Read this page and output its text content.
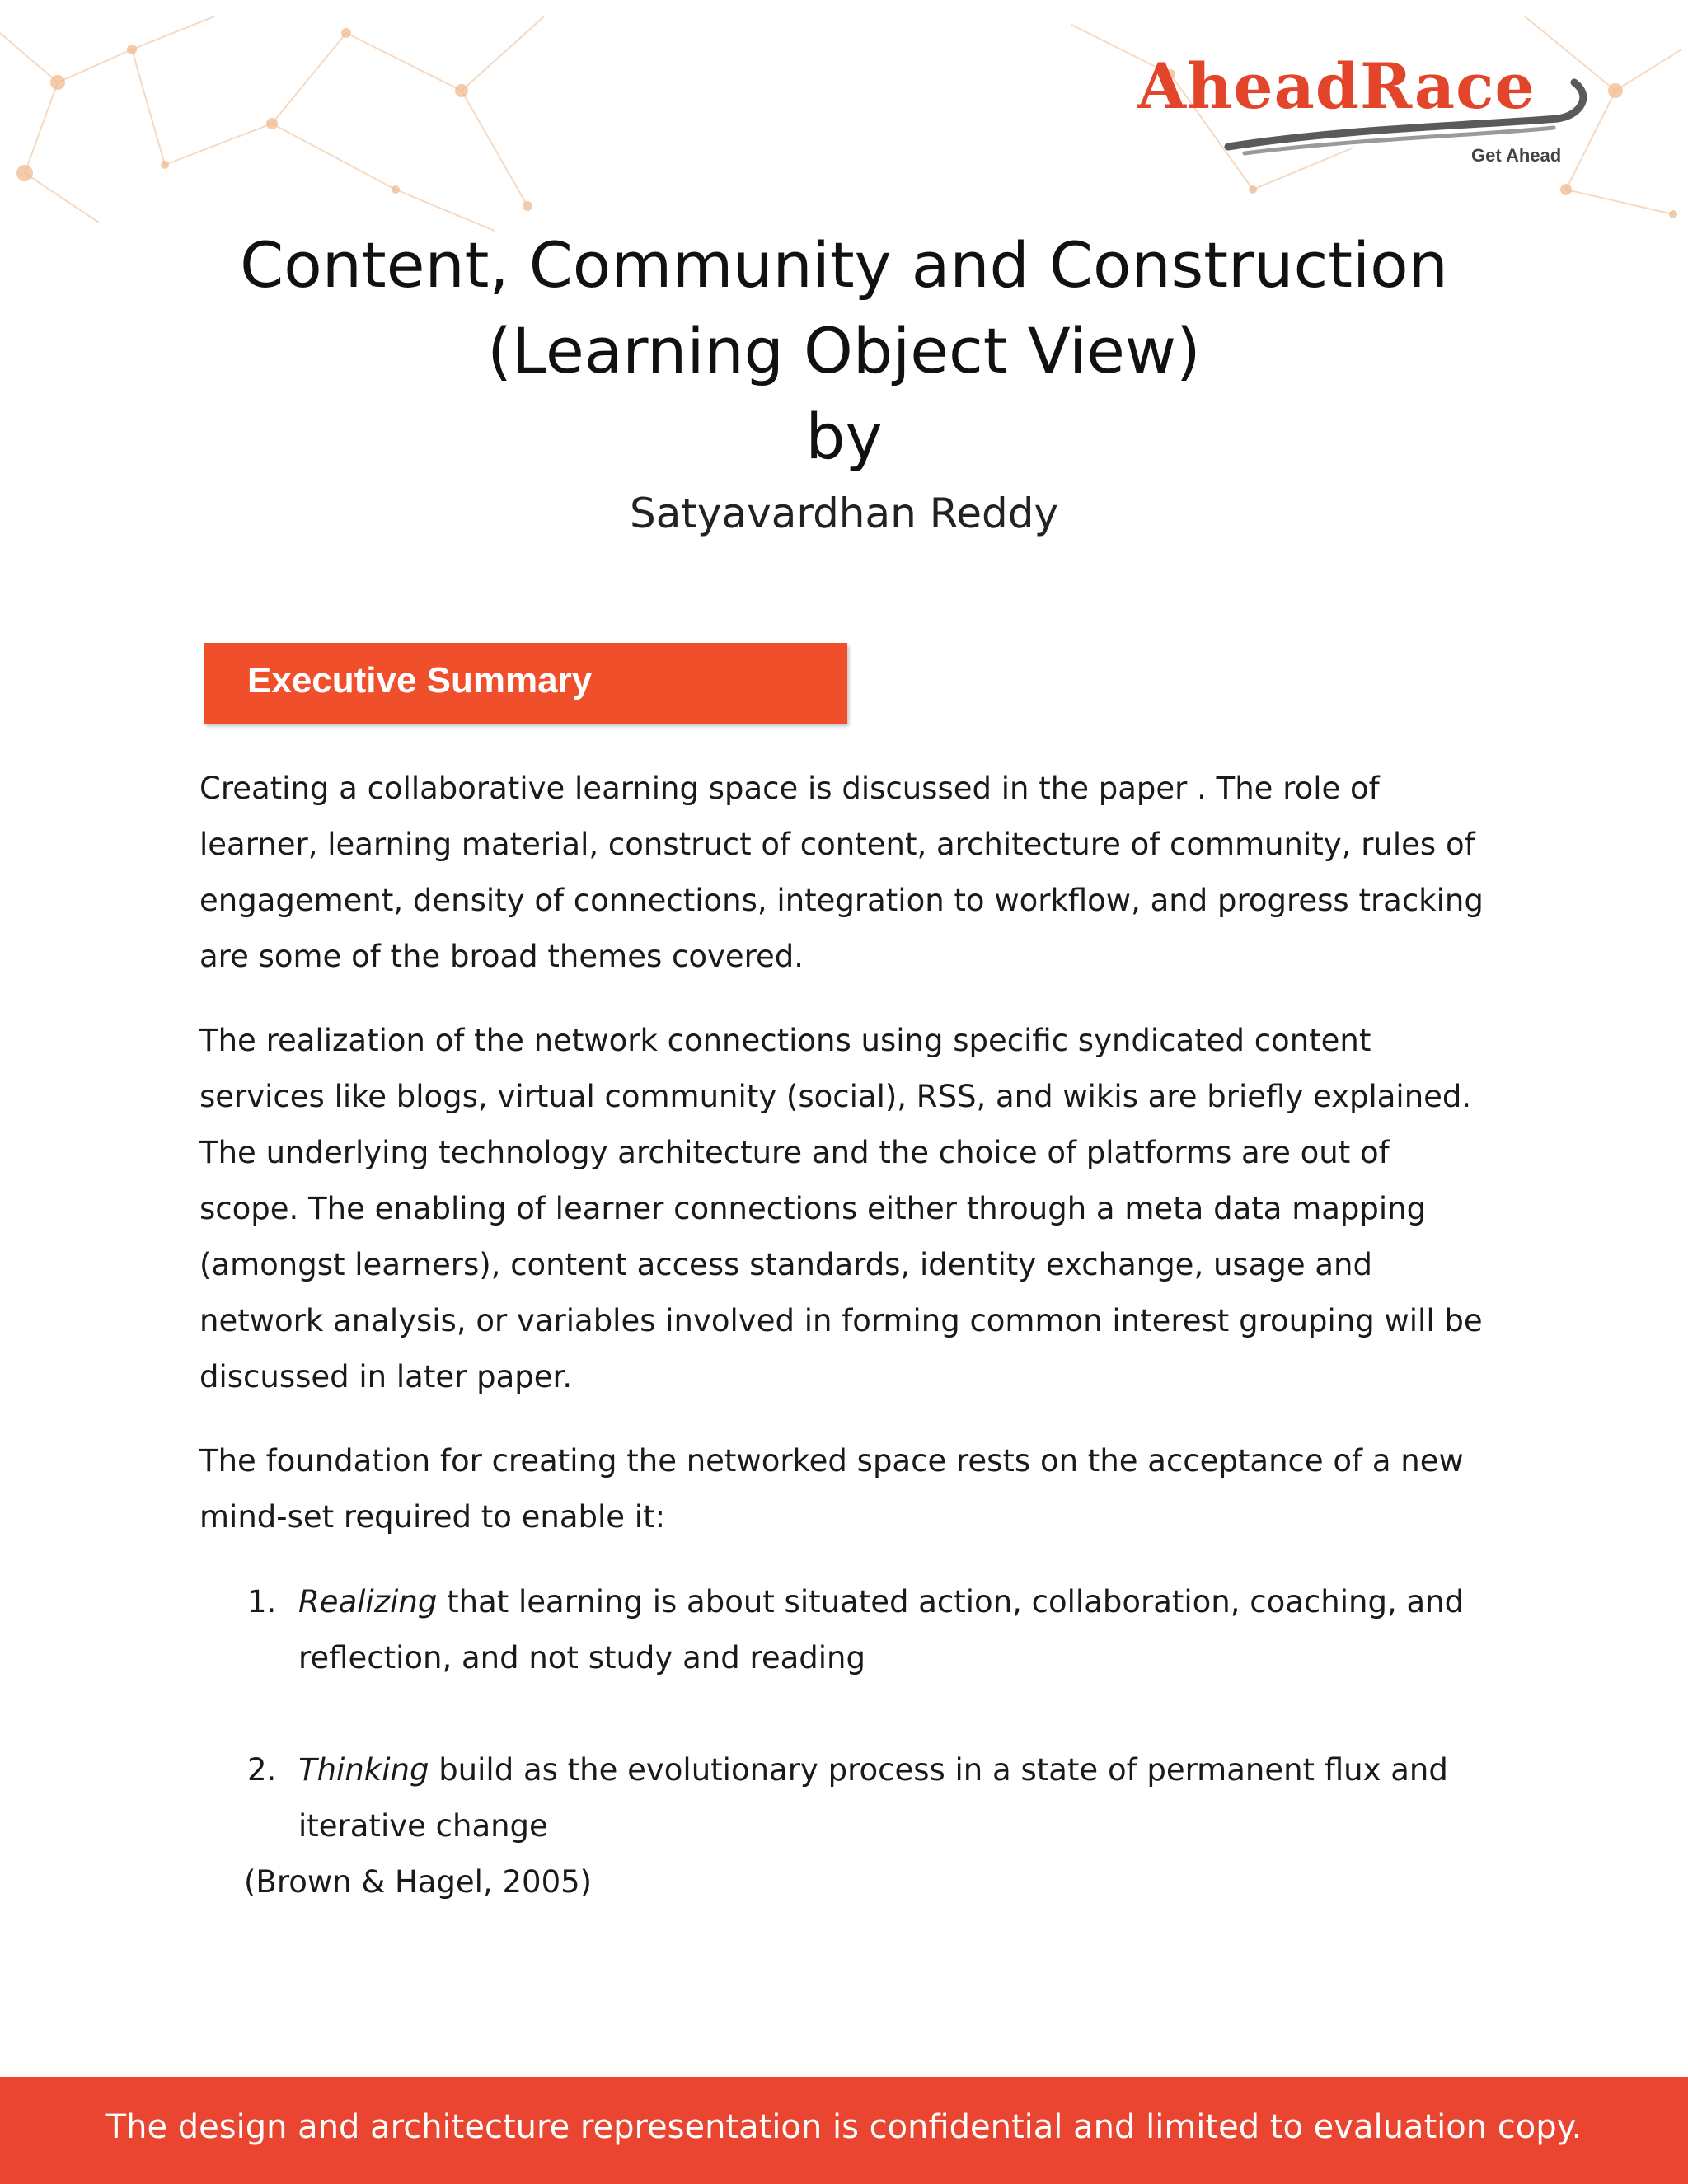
AheadRace
Get Ahead
Content, Community and Construction
(Learning Object View)
by
Satyavardhan Reddy
Executive Summary
Creating a collaborative learning space is discussed in the paper . The role of learner, learning material, construct of content, architecture of community, rules of engagement, density of connections, integration to workflow, and progress tracking are some of the broad themes covered.
The realization of the network connections using specific syndicated content services like blogs, virtual community (social), RSS, and wikis are briefly explained. The underlying technology architecture and the choice of platforms are out of scope. The enabling of learner connections either through a meta data mapping (amongst learners), content access standards, identity exchange, usage and network analysis, or variables involved in forming common interest grouping will be discussed in later paper.
The foundation for creating the networked space rests on the acceptance of a new mind-set required to enable it:
1. Realizing that learning is about situated action, collaboration, coaching, and reflection, and not study and reading
2. Thinking build as the evolutionary process in a state of permanent flux and iterative change
(Brown & Hagel, 2005)
The design and architecture representation is confidential and limited to evaluation copy.
